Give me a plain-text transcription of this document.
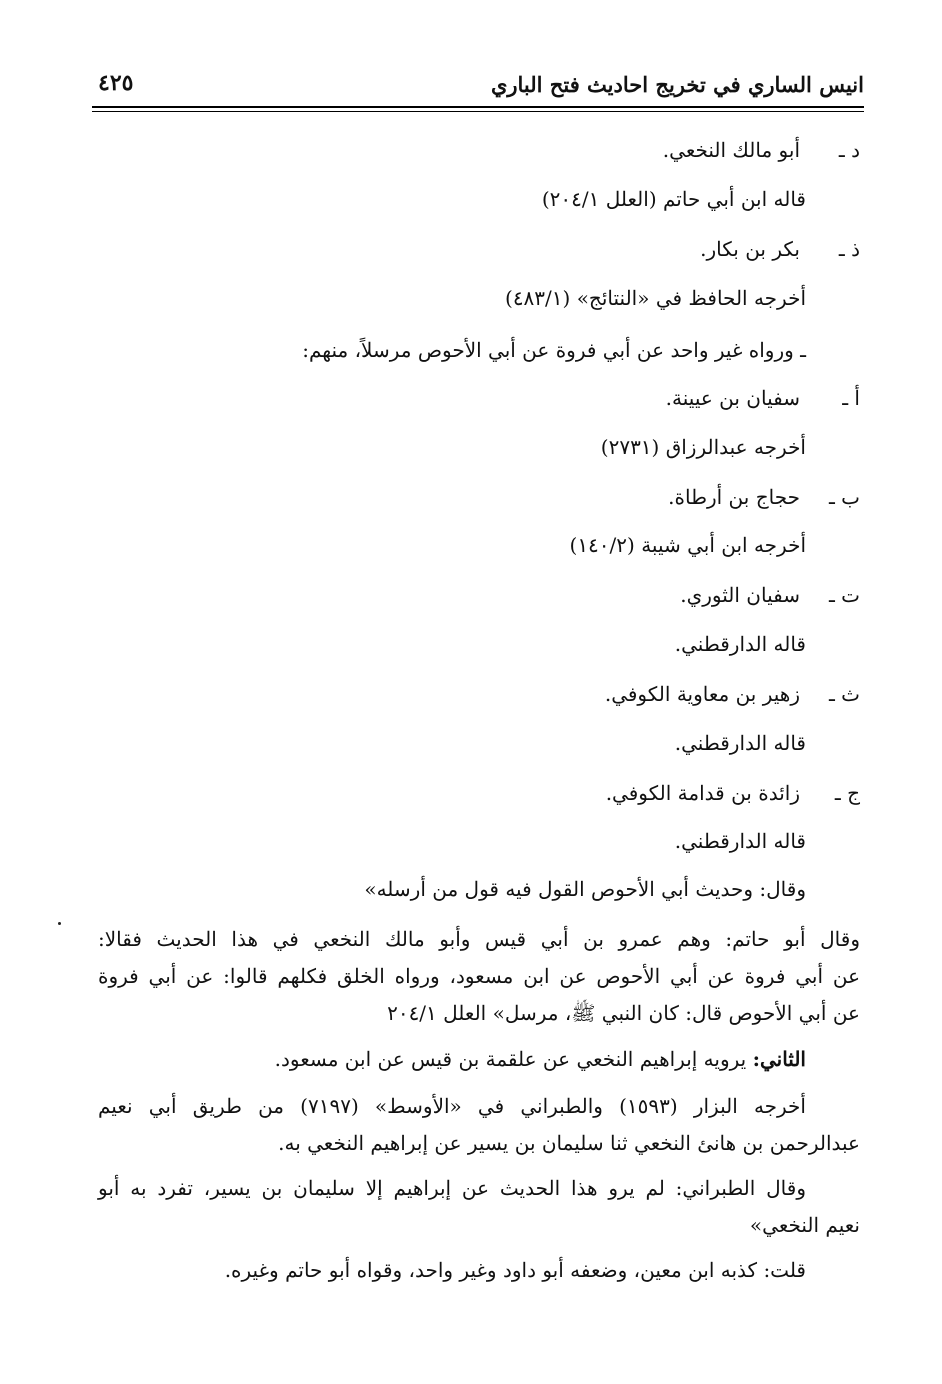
انيس الساري في تخريج احاديث فتح الباري
٤٢٥
د ـ
أبو مالك النخعي.
قاله ابن أبي حاتم (العلل ٢٠٤/١)
ذ ـ
بكر بن بكار.
أخرجه الحافظ في «النتائج» (٤٨٣/١)
ـ ورواه غير واحد عن أبي فروة عن أبي الأحوص مرسلاً، منهم:
أ ـ
سفيان بن عيينة.
أخرجه عبدالرزاق (٢٧٣١)
ب ـ
حجاج بن أرطاة.
أخرجه ابن أبي شيبة (١٤٠/٢)
ت ـ
سفيان الثوري.
قاله الدارقطني.
ث ـ
زهير بن معاوية الكوفي.
قاله الدارقطني.
ج ـ
زائدة بن قدامة الكوفي.
قاله الدارقطني.
وقال: وحديث أبي الأحوص القول فيه قول من أرسله»
وقال أبو حاتم: وهم عمرو بن أبي قيس وأبو مالك النخعي في هذا الحديث فقالا:
عن أبي فروة عن أبي الأحوص عن ابن مسعود، ورواه الخلق فكلهم قالوا: عن أبي فروة
عن أبي الأحوص قال: كان النبي ﷺ، مرسل» العلل ٢٠٤/١
الثاني: يرويه إبراهيم النخعي عن علقمة بن قيس عن ابن مسعود.
أخرجه البزار (١٥٩٣) والطبراني في «الأوسط» (٧١٩٧) من طريق أبي نعيم
عبدالرحمن بن هانئ النخعي ثنا سليمان بن يسير عن إبراهيم النخعي به.
وقال الطبراني: لم يرو هذا الحديث عن إبراهيم إلا سليمان بن يسير، تفرد به أبو
نعيم النخعي»
قلت: كذبه ابن معين، وضعفه أبو داود وغير واحد، وقواه أبو حاتم وغيره.
